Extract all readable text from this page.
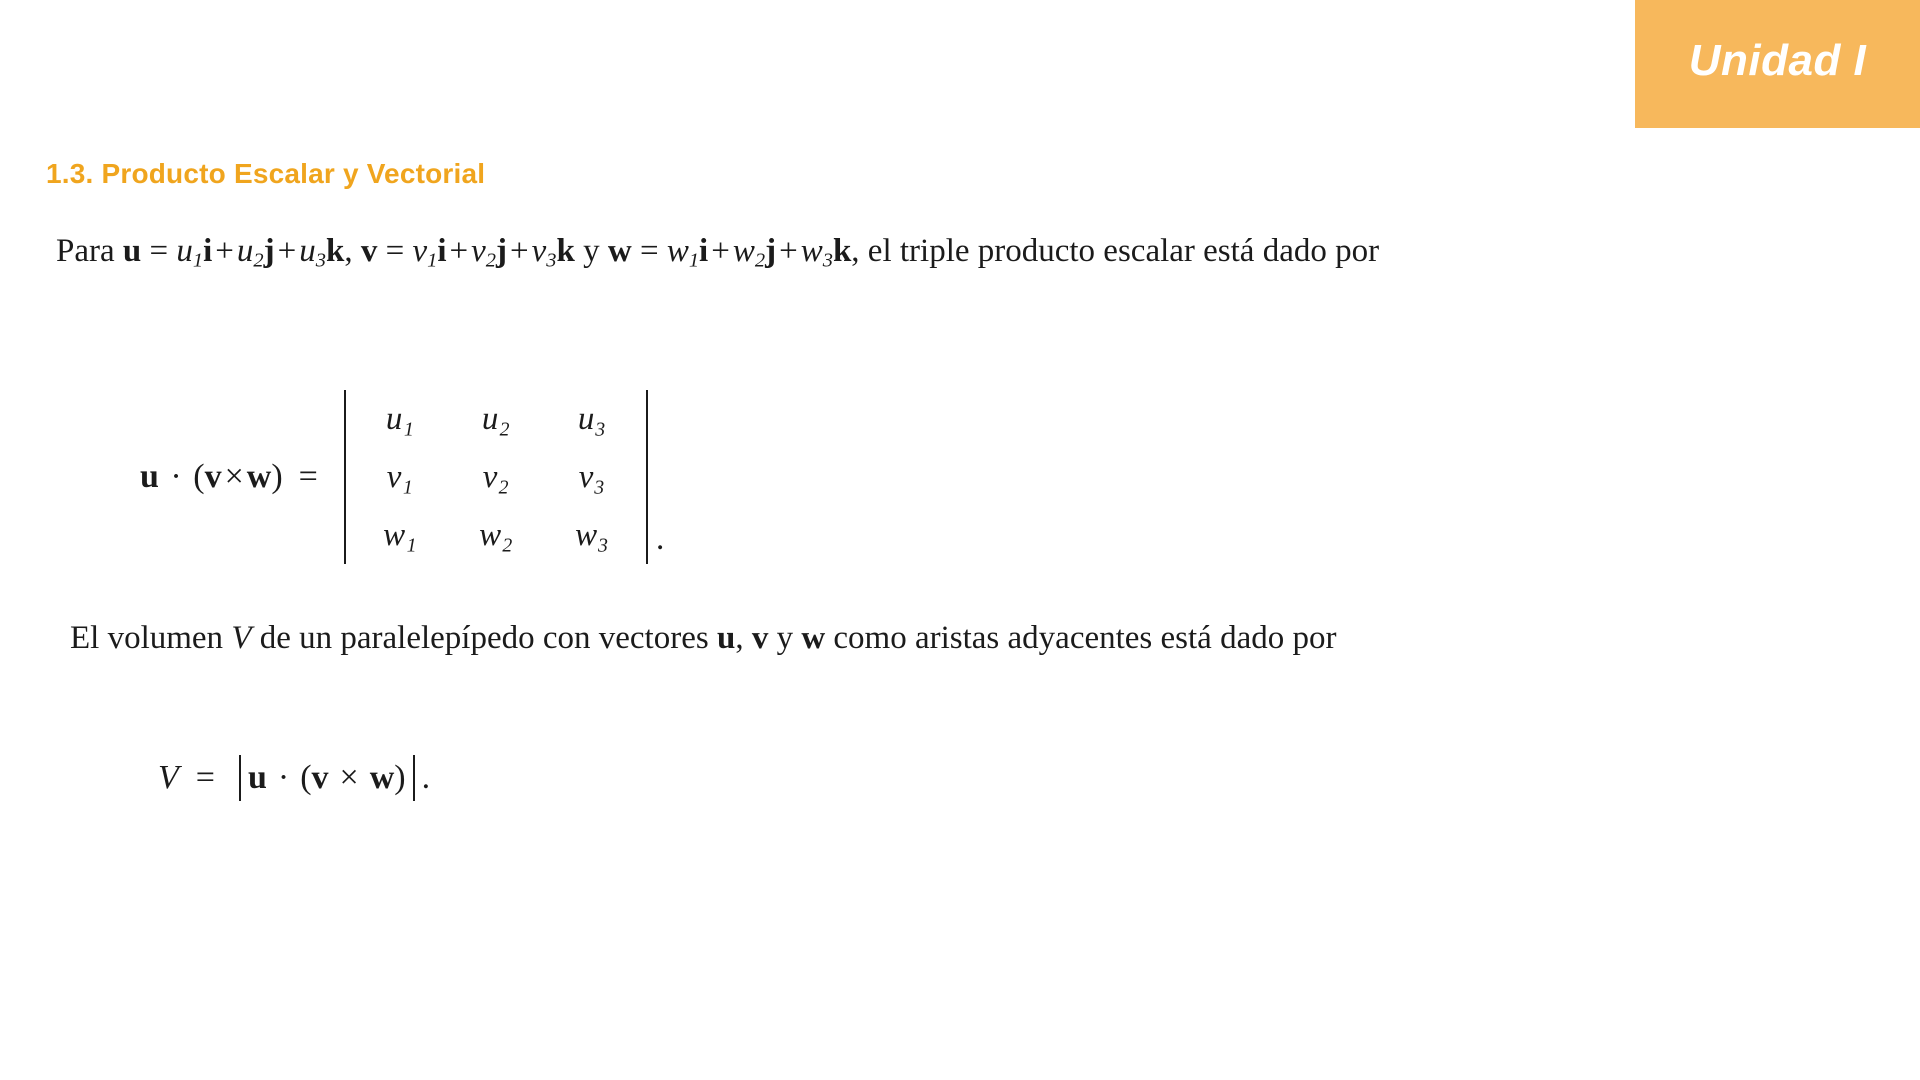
Unidad I
1.3. Producto Escalar y Vectorial
Para $u = u_1i+u_2j+u_3k$, $v = v_1i+v_2j+v_3k$ y $w = w_1i+w_2j+w_3k$, el triple producto escalar está dado por
u · (v×w) =
u₁ u₂ u₃
v₁ v₂ v₃
w₁ w₂ w₃ .
El volumen V de un paralelepípedo con vectores u, v y w como aristas adyacentes está dado por
V = u · ( v × w ) .
